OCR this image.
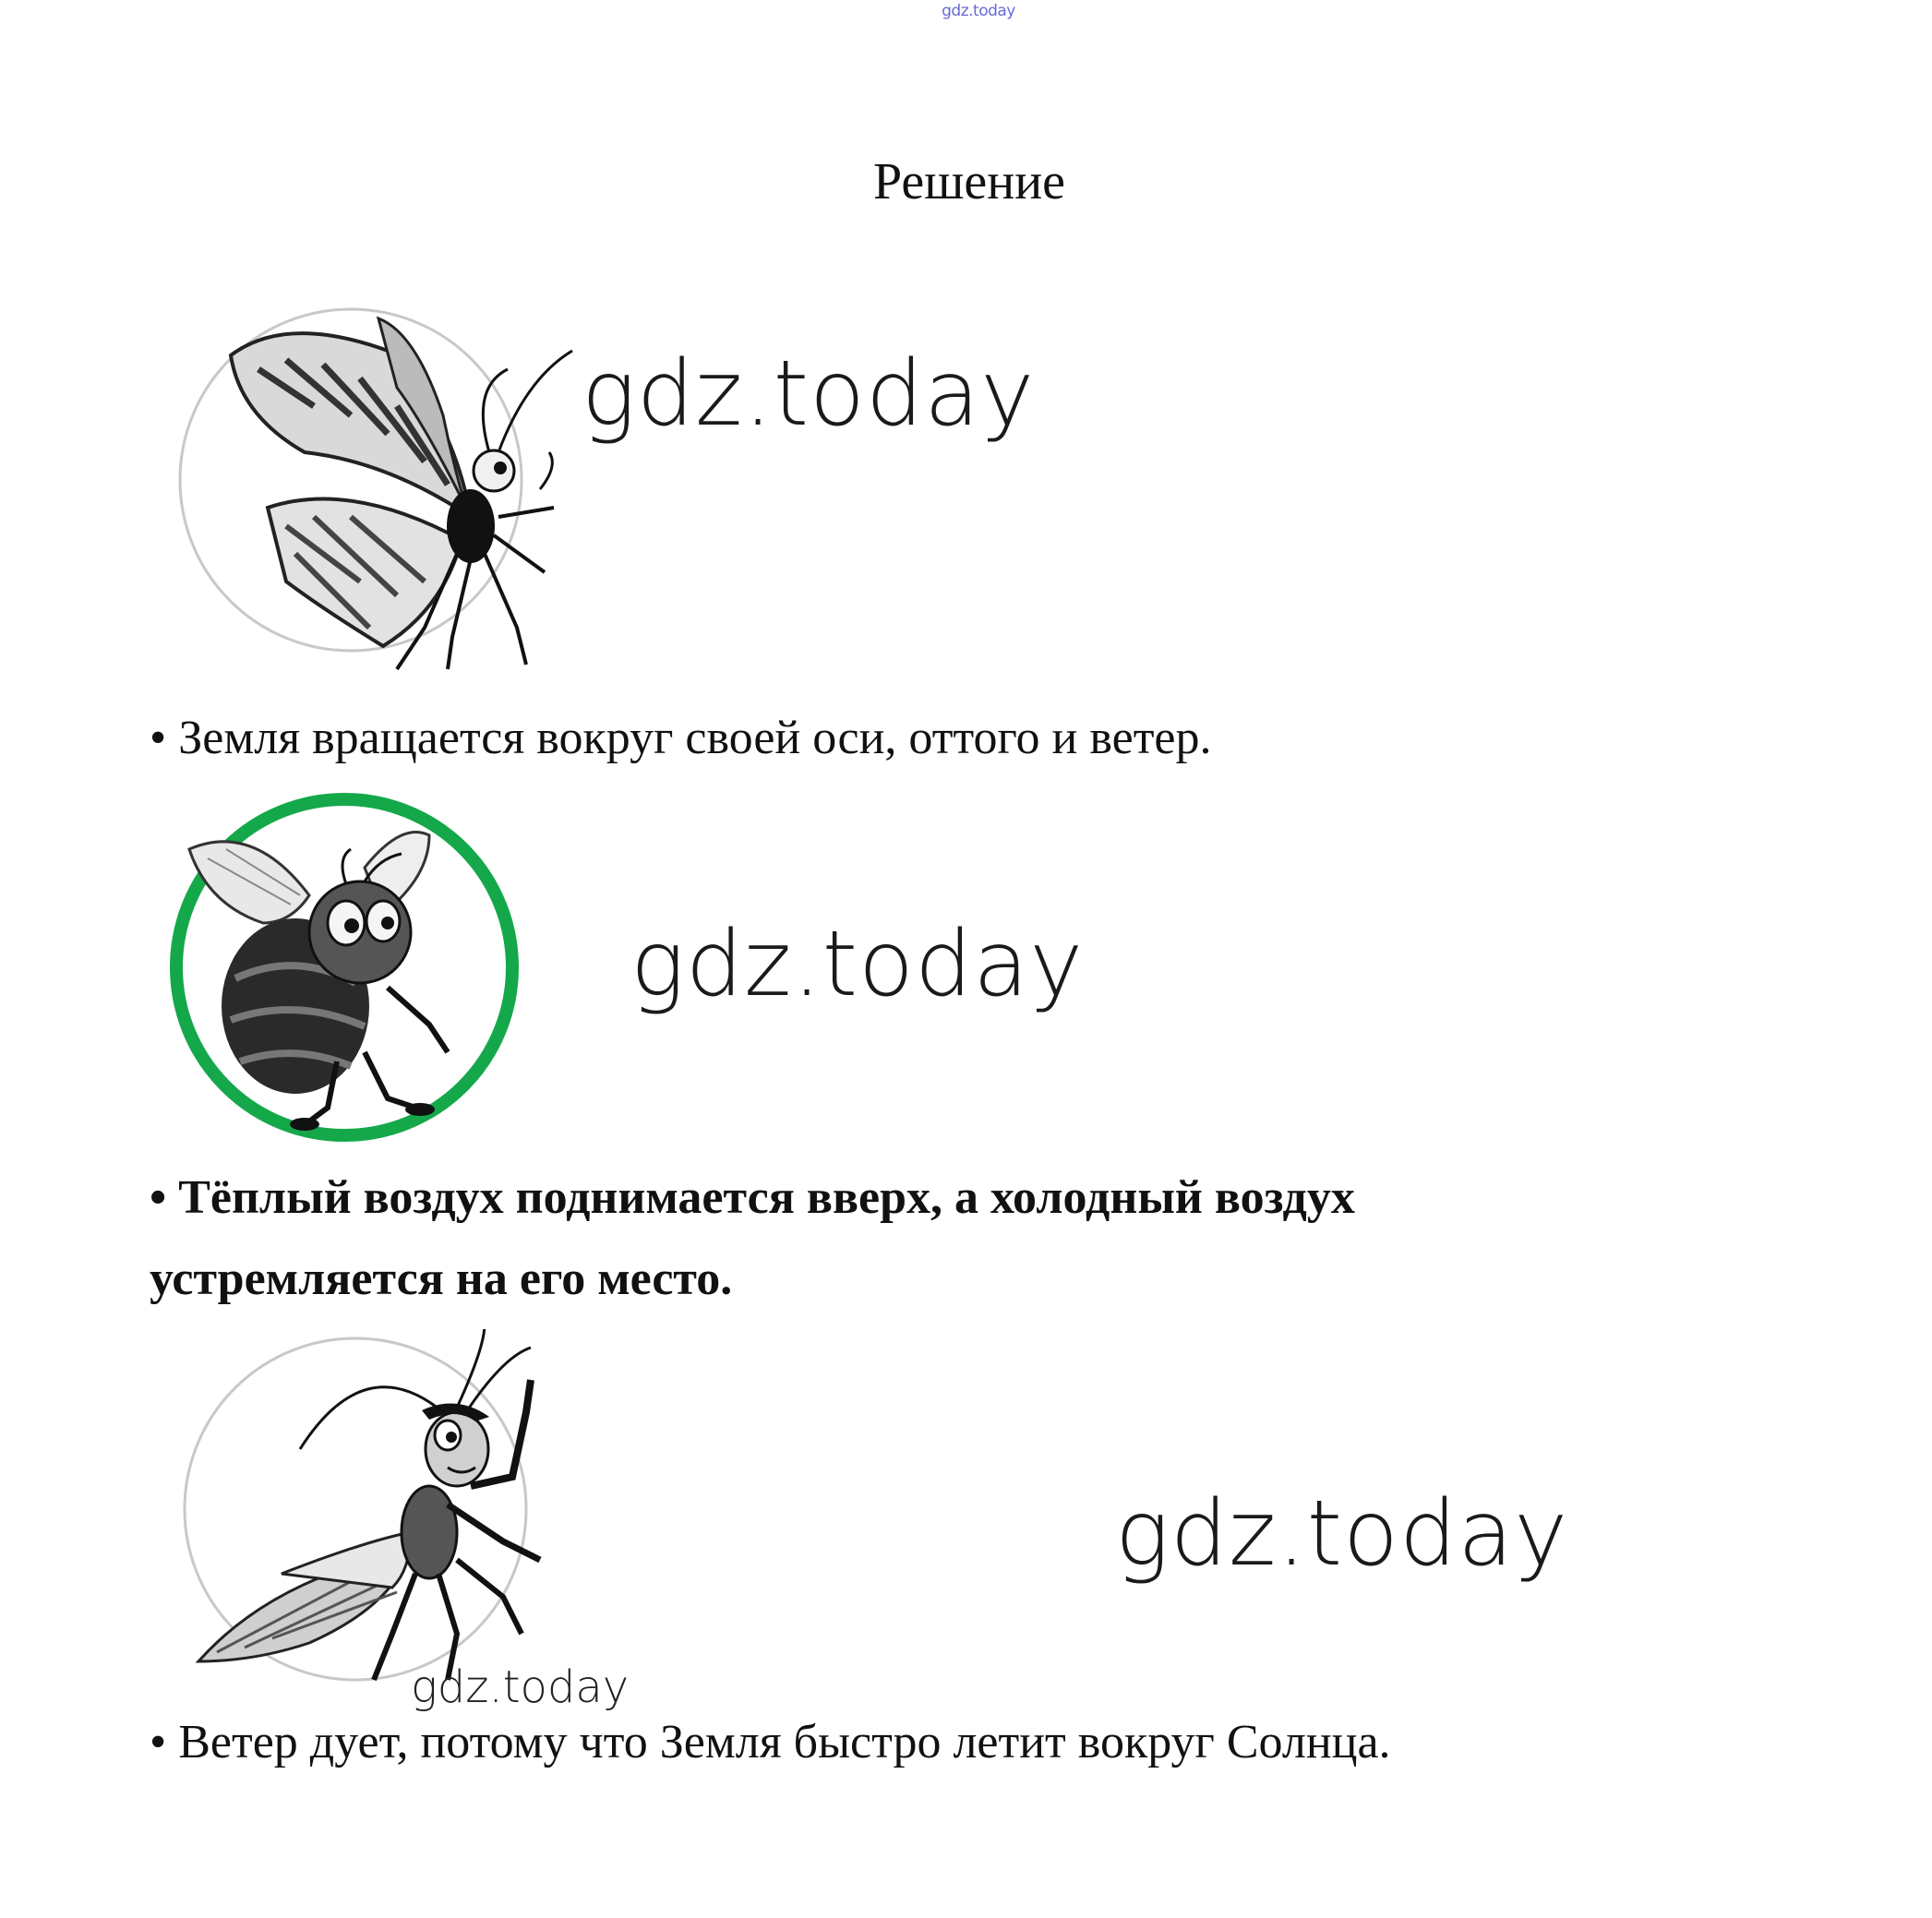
gdz.today
Решение
gdz.today

• Земля вращается вокруг своей оси, оттого и ветер.

gdz.today

• Тёплый воздух поднимается вверх, а холодный воздух

устремляется на его место.

gdz.today
gdz.today

• Ветер дует, потому что Земля быстро летит вокруг Солнца.
